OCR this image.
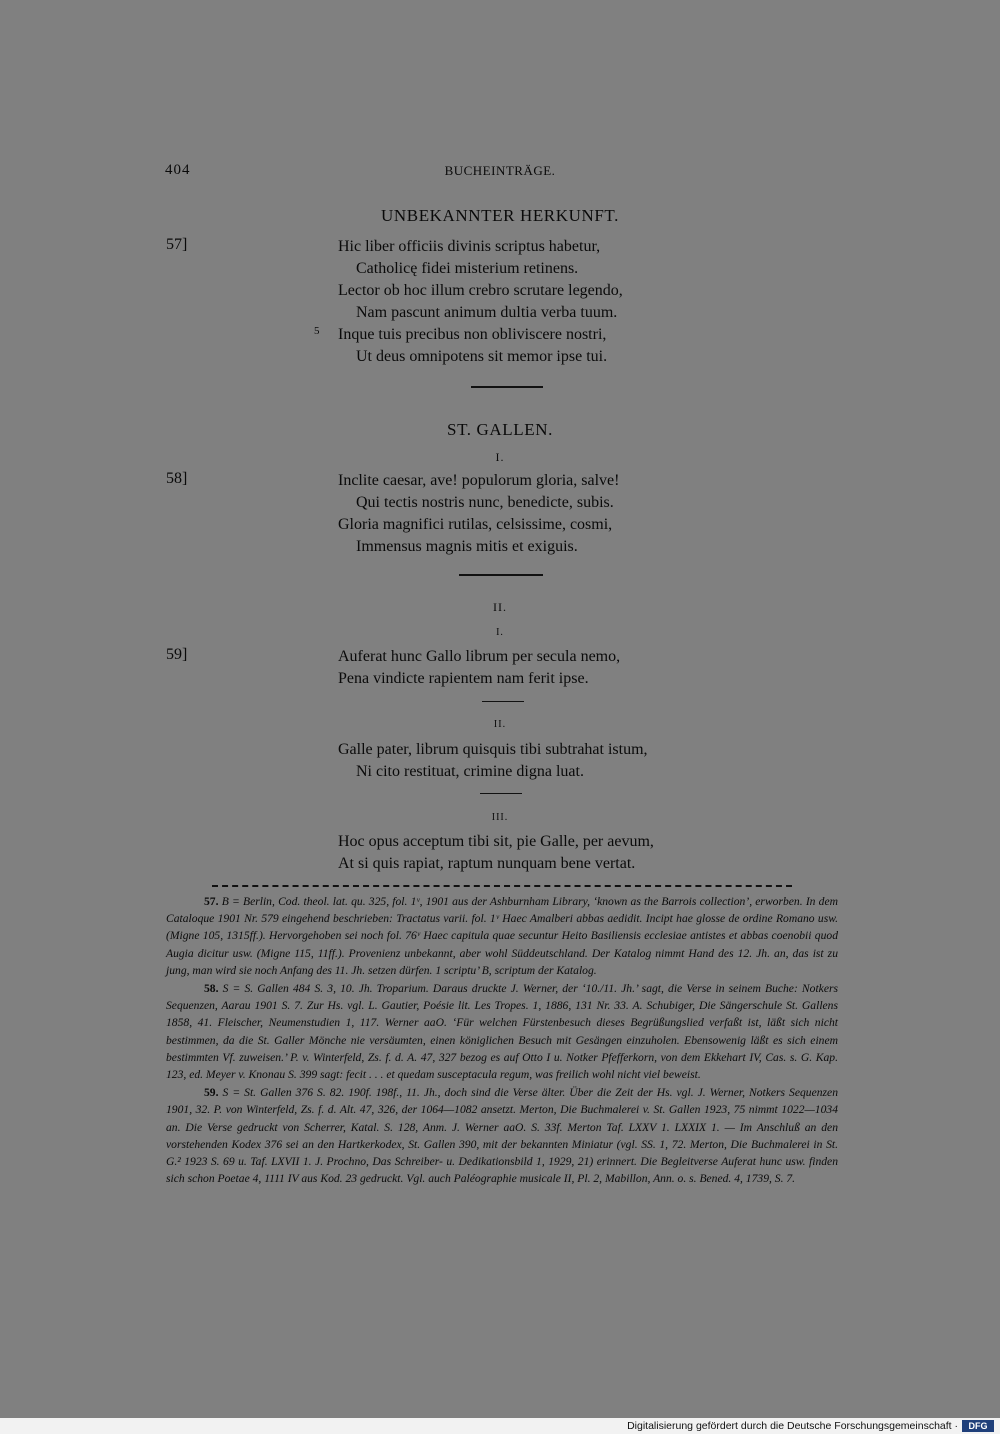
404	BUCHEINTRÄGE.
UNBEKANNTER HERKUNFT.
57]	Hic liber officiis divinis scriptus habetur,
Catholicę fidei misterium retinens.
Lector ob hoc illum crebro scrutare legendo,
Nam pascunt animum dultia verba tuum.
Inque tuis precibus non obliviscere nostri,
Ut deus omnipotens sit memor ipse tui.
5
ST. GALLEN.
I.
58]	Inclite caesar, ave! populorum gloria, salve!
Qui tectis nostris nunc, benedicte, subis.
Gloria magnifici rutilas, celsissime, cosmi,
Immensus magnis mitis et exiguis.
II.
I.
59]	Auferat hunc Gallo librum per secula nemo,
Pena vindicte rapientem nam ferit ipse.
II.
Galle pater, librum quisquis tibi subtrahat istum,
Ni cito restituat, crimine digna luat.
III.
Hoc opus acceptum tibi sit, pie Galle, per aevum,
At si quis rapiat, raptum nunquam bene vertat.

57. B = Berlin, Cod. theol. lat. qu. 325, fol. 1ᵛ, 1901 aus der Ashburnham Library, ‘known as the Barrois collection’, erworben. In dem Cataloque 1901 Nr. 579 eingehend beschrieben: Tractatus varii. fol. 1ᵛ Haec Amalberi abbas aedidit. Incipt hae glosse de ordine Romano usw. (Migne 105, 1315ff.). Hervorgehoben sei noch fol. 76ᵛ Haec capitula quae secuntur Heito Basiliensis ecclesiae antistes et abbas coenobii quod Augia dicitur usw. (Migne 115, 11ff.). Provenienz unbekannt, aber wohl Süddeutschland. Der Katalog nimmt Hand des 12. Jh. an, das ist zu jung, man wird sie noch Anfang des 11. Jh. setzen dürfen. 1 scriptu’ B, scriptum der Katalog.

58. S = S. Gallen 484 S. 3, 10. Jh. Troparium. Daraus druckte J. Werner, der ‘10./11. Jh.’ sagt, die Verse in seinem Buche: Notkers Sequenzen, Aarau 1901 S. 7. Zur Hs. vgl. L. Gautier, Poésie lit. Les Tropes. 1, 1886, 131 Nr. 33. A. Schubiger, Die Sängerschule St. Gallens 1858, 41. Fleischer, Neumenstudien 1, 117. Werner aaO. ‘Für welchen Fürstenbesuch dieses Begrüßungslied verfaßt ist, läßt sich nicht bestimmen, da die St. Galler Mönche nie versäumten, einen königlichen Besuch mit Gesängen einzuholen. Ebensowenig läßt es sich einem bestimmten Vf. zuweisen.’ P. v. Winterfeld, Zs. f. d. A. 47, 327 bezog es auf Otto I u. Notker Pfefferkorn, von dem Ekkehart IV, Cas. s. G. Kap. 123, ed. Meyer v. Knonau S. 399 sagt: fecit . . . et quedam susceptacula regum, was freilich wohl nicht viel beweist.

59. S = St. Gallen 376 S. 82. 190f. 198f., 11. Jh., doch sind die Verse älter. Über die Zeit der Hs. vgl. J. Werner, Notkers Sequenzen 1901, 32. P. von Winterfeld, Zs. f. d. Alt. 47, 326, der 1064—1082 ansetzt. Merton, Die Buchmalerei v. St. Gallen 1923, 75 nimmt 1022—1034 an. Die Verse gedruckt von Scherrer, Katal. S. 128, Anm. J. Werner aaO. S. 33f. Merton Taf. LXXV 1. LXXIX 1. — Im Anschluß an den vorstehenden Kodex 376 sei an den Hartkerkodex, St. Gallen 390, mit der bekannten Miniatur (vgl. SS. 1, 72. Merton, Die Buchmalerei in St. G.² 1923 S. 69 u. Taf. LXVII 1. J. Prochno, Das Schreiber- u. Dedikationsbild 1, 1929, 21) erinnert. Die Begleitverse Auferat hunc usw. finden sich schon Poetae 4, 1111 IV aus Kod. 23 gedruckt. Vgl. auch Paléographie musicale II, Pl. 2, Mabillon, Ann. o. s. Bened. 4, 1739, S. 7.

Digitalisierung gefördert durch die Deutsche Forschungsgemeinschaft ·	DFG
